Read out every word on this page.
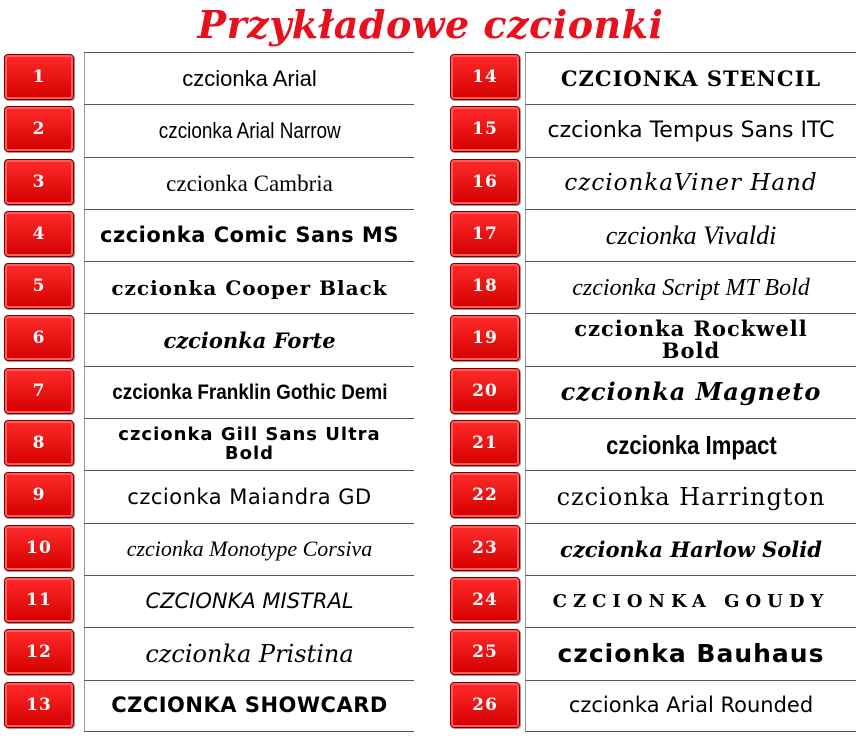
Przykładowe czcionki
1	czcionka Arial
2	czcionka Arial Narrow
3	czcionka Cambria
4	czcionka Comic Sans MS
5	czcionka Cooper Black
6	czcionka Forte
7	czcionka Franklin Gothic Demi
8	czcionka Gill Sans Ultra Bold
9	czcionka Maiandra GD
10	czcionka Monotype Corsiva
11	CZCIONKA MISTRAL
12	czcionka Pristina
13	CZCIONKA SHOWCARD
14	CZCIONKA STENCIL
15	czcionka Tempus Sans ITC
16	czcionkaViner Hand
17	czcionka Vivaldi
18	czcionka Script MT Bold
19	czcionka Rockwell Bold
20	czcionka Magneto
21	czcionka Impact
22	czcionka Harrington
23	czcionka Harlow Solid
24	CZCIONKA GOUDY
25	czcionka Bauhaus
26	czcionka Arial Rounded
